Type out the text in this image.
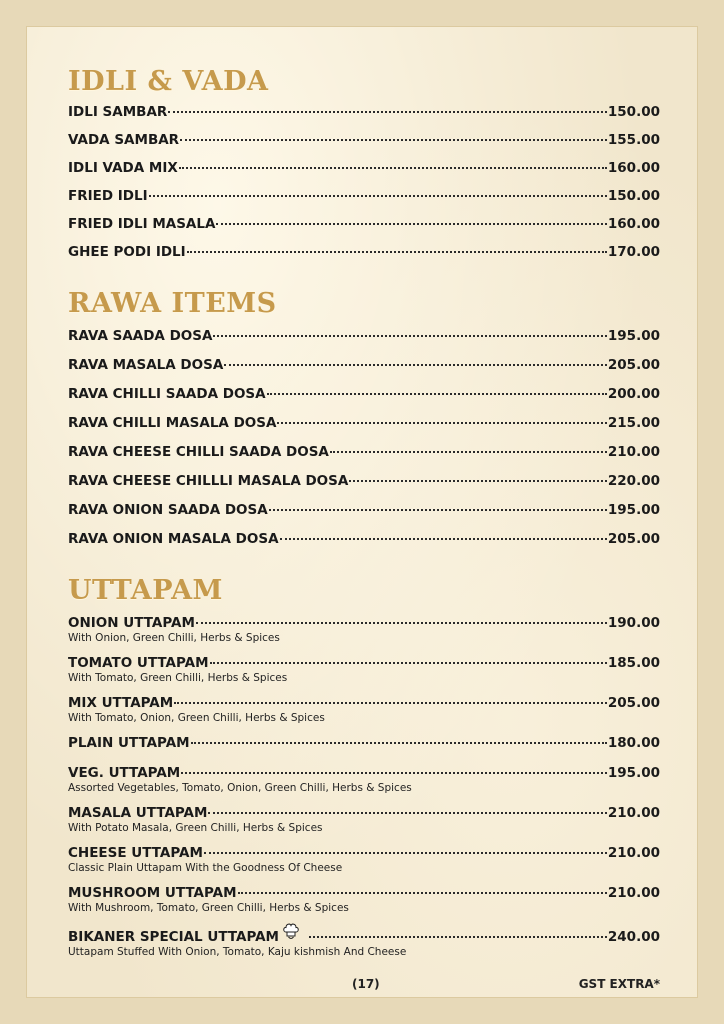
IDLI & VADA
IDLI SAMBAR	150.00
VADA SAMBAR	155.00
IDLI VADA MIX	160.00
FRIED IDLI	150.00
FRIED IDLI MASALA	160.00
GHEE PODI IDLI	170.00
RAWA ITEMS
RAVA SAADA DOSA	195.00
RAVA MASALA DOSA	205.00
RAVA CHILLI SAADA DOSA	200.00
RAVA CHILLI MASALA DOSA	215.00
RAVA CHEESE CHILLI SAADA DOSA	210.00
RAVA CHEESE CHILLLI MASALA DOSA	220.00
RAVA ONION SAADA DOSA	195.00
RAVA ONION MASALA DOSA	205.00
UTTAPAM
ONION UTTAPAM	190.00
With Onion, Green Chilli, Herbs & Spices
TOMATO UTTAPAM	185.00
With Tomato, Green Chilli, Herbs & Spices
MIX UTTAPAM	205.00
With Tomato, Onion, Green Chilli, Herbs & Spices
PLAIN UTTAPAM	180.00
VEG. UTTAPAM	195.00
Assorted Vegetables, Tomato, Onion, Green Chilli, Herbs & Spices
MASALA UTTAPAM	210.00
With Potato Masala, Green Chilli, Herbs & Spices
CHEESE UTTAPAM	210.00
Classic Plain Uttapam With the Goodness Of Cheese
MUSHROOM UTTAPAM	210.00
With Mushroom, Tomato, Green Chilli, Herbs & Spices
BIKANER SPECIAL UTTAPAM	240.00
Uttapam Stuffed With Onion, Tomato, Kaju kishmish And Cheese
(17)	GST EXTRA*
